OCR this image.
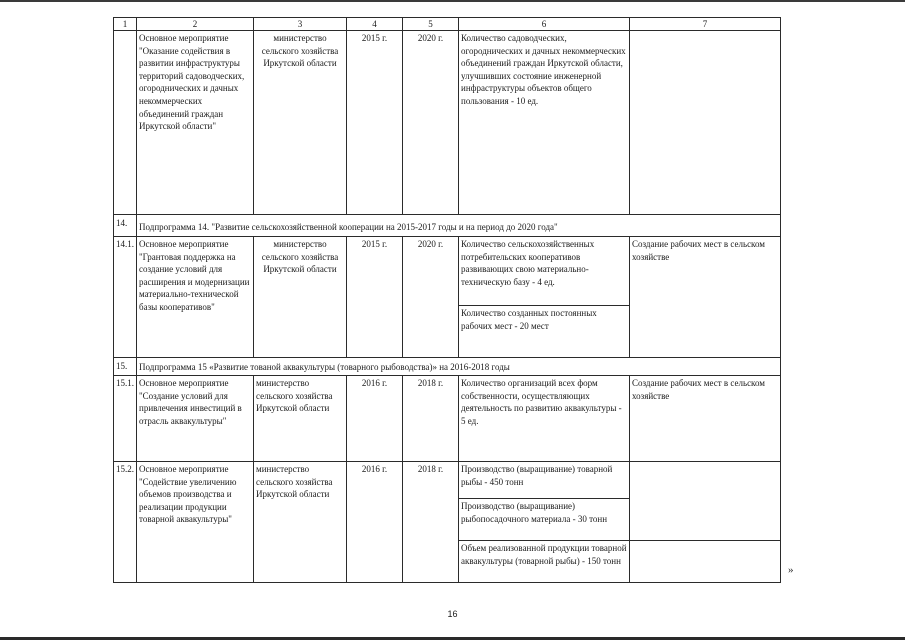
1	2	3	4	5	6	7
	Основное мероприятие "Оказание содействия в развитии инфраструктуры территорий садоводческих, огороднических и дачных некоммерческих объединений граждан Иркутской области"	министерство сельского хозяйства Иркутской области	2015 г.	2020 г.	Количество садоводческих, огороднических и дачных некоммерческих объединений граждан Иркутской области, улучшивших состояние инженерной инфраструктуры объектов общего пользования - 10 ед.	
14.	Подпрограмма 14. "Развитие сельскохозяйственной кооперации на 2015-2017 годы и на период до 2020 года"					
14.1.	Основное мероприятие "Грантовая поддержка на создание условий для расширения и модернизации материально-технической базы кооперативов"	министерство сельского хозяйства Иркутской области	2015 г.	2020 г.	Количество сельскохозяйственных потребительских кооперативов развивающих свою материально-техническую базу - 4 ед.	Создание рабочих мест в сельском хозяйстве
					Количество созданных постоянных рабочих мест - 20 мест	
15.	Подпрограмма 15 «Развитие тованой аквакультуры (товарного рыбоводства)» на 2016-2018 годы					
15.1.	Основное мероприятие "Создание условий для привлечения инвестиций в отрасль аквакультуры"	министерство сельского хозяйства Иркутской области	2016 г.	2018 г.	Количество организаций всех форм собственности, осуществляющих деятельность по развитию аквакультуры - 5 ед.	Создание рабочих мест в сельском хозяйстве
15.2.	Основное мероприятие "Содействие увеличению объемов производства и реализации продукции товарной аквакультуры"	министерство сельского хозяйства Иркутской области	2016 г.	2018 г.	Производство (выращивание) товарной рыбы - 450 тонн	
					Производство (выращивание) рыбопосадочного материала - 30 тонн	
					Объем реализованной продукции товарной аквакультуры (товарной рыбы) - 150 тонн	
»
16
